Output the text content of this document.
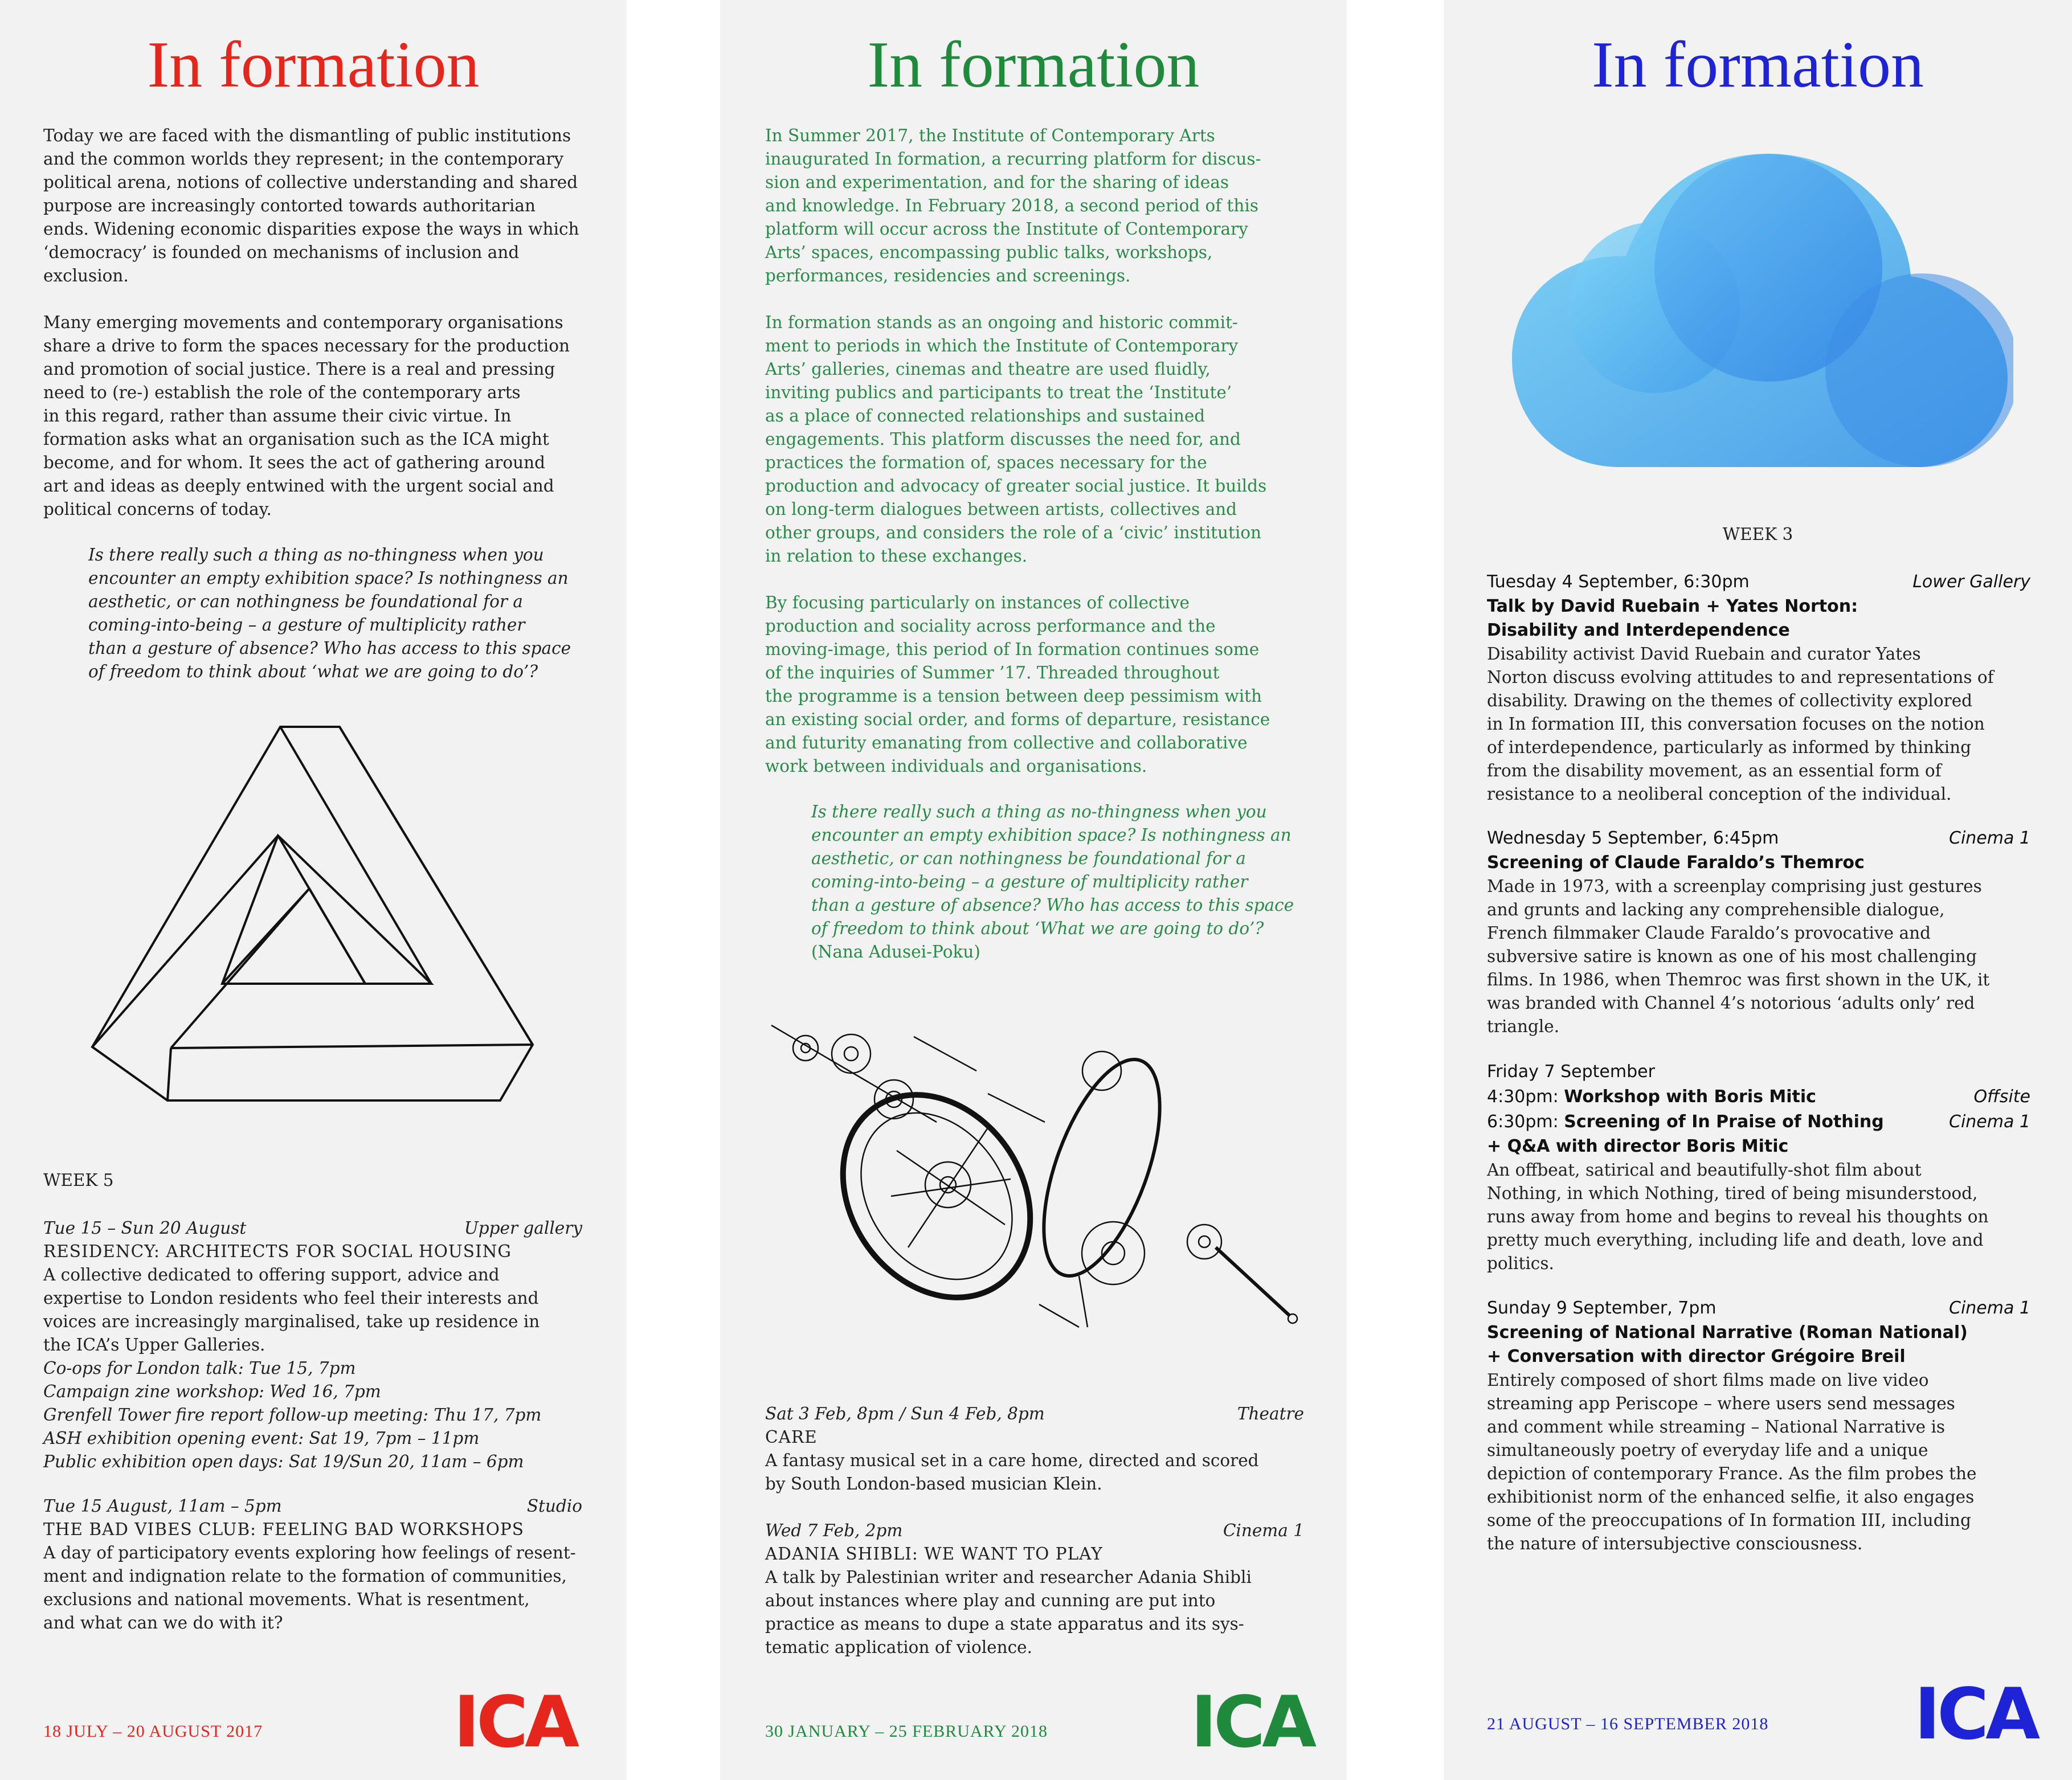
In formation

Today we are faced with the dismantling of public institutions
and the common worlds they represent; in the contemporary
political arena, notions of collective understanding and shared
purpose are increasingly contorted towards authoritarian
ends. Widening economic disparities expose the ways in which
‘democracy’ is founded on mechanisms of inclusion and
exclusion.

Many emerging movements and contemporary organisations
share a drive to form the spaces necessary for the production
and promotion of social justice. There is a real and pressing
need to (re-) establish the role of the contemporary arts
in this regard, rather than assume their civic virtue. In
formation asks what an organisation such as the ICA might
become, and for whom. It sees the act of gathering around
art and ideas as deeply entwined with the urgent social and
political concerns of today.

Is there really such a thing as no-thingness when you
encounter an empty exhibition space? Is nothingness an
aesthetic, or can nothingness be foundational for a
coming-into-being – a gesture of multiplicity rather
than a gesture of absence? Who has access to this space
of freedom to think about ‘what we are going to do’?

WEEK 5
Tue 15 – Sun 20 August	Upper gallery
RESIDENCY: ARCHITECTS FOR SOCIAL HOUSING
A collective dedicated to offering support, advice and
expertise to London residents who feel their interests and
voices are increasingly marginalised, take up residence in
the ICA’s Upper Galleries.
Co-ops for London talk: Tue 15, 7pm
Campaign zine workshop: Wed 16, 7pm
Grenfell Tower fire report follow-up meeting: Thu 17, 7pm
ASH exhibition opening event: Sat 19, 7pm – 11pm
Public exhibition open days: Sat 19/Sun 20, 11am – 6pm
Tue 15 August, 11am – 5pm	Studio
THE BAD VIBES CLUB: FEELING BAD WORKSHOPS
A day of participatory events exploring how feelings of resent-
ment and indignation relate to the formation of communities,
exclusions and national movements. What is resentment,
and what can we do with it?
18 JULY – 20 AUGUST 2017	ICA
In formation

In Summer 2017, the Institute of Contemporary Arts
inaugurated In formation, a recurring platform for discus-
sion and experimentation, and for the sharing of ideas
and knowledge. In February 2018, a second period of this
platform will occur across the Institute of Contemporary
Arts’ spaces, encompassing public talks, workshops,
performances, residencies and screenings.

In formation stands as an ongoing and historic commit-
ment to periods in which the Institute of Contemporary
Arts’ galleries, cinemas and theatre are used fluidly,
inviting publics and participants to treat the ‘Institute’
as a place of connected relationships and sustained
engagements. This platform discusses the need for, and
practices the formation of, spaces necessary for the
production and advocacy of greater social justice. It builds
on long-term dialogues between artists, collectives and
other groups, and considers the role of a ‘civic’ institution
in relation to these exchanges.

By focusing particularly on instances of collective
production and sociality across performance and the
moving-image, this period of In formation continues some
of the inquiries of Summer ’17. Threaded throughout
the programme is a tension between deep pessimism with
an existing social order, and forms of departure, resistance
and futurity emanating from collective and collaborative
work between individuals and organisations.

Is there really such a thing as no-thingness when you
encounter an empty exhibition space? Is nothingness an
aesthetic, or can nothingness be foundational for a
coming-into-being – a gesture of multiplicity rather
than a gesture of absence? Who has access to this space
of freedom to think about ‘What we are going to do’?

(Nana Adusei-Poku)

Sat 3 Feb, 8pm / Sun 4 Feb, 8pm	Theatre
CARE
A fantasy musical set in a care home, directed and scored
by South London-based musician Klein.
Wed 7 Feb, 2pm	Cinema 1
ADANIA SHIBLI: WE WANT TO PLAY
A talk by Palestinian writer and researcher Adania Shibli
about instances where play and cunning are put into
practice as means to dupe a state apparatus and its sys-
tematic application of violence.
30 JANUARY – 25 FEBRUARY 2018 ICA
In formation
WEEK 3
Tuesday 4 September, 6:30pm	Lower Gallery
Talk by David Ruebain + Yates Norton:
Disability and Interdependence
Disability activist David Ruebain and curator Yates
Norton discuss evolving attitudes to and representations of
disability. Drawing on the themes of collectivity explored
in In formation III, this conversation focuses on the notion
of interdependence, particularly as informed by thinking
from the disability movement, as an essential form of
resistance to a neoliberal conception of the individual.
Wednesday 5 September, 6:45pm	Cinema 1
Screening of Claude Faraldo’s Themroc
Made in 1973, with a screenplay comprising just gestures
and grunts and lacking any comprehensible dialogue,
French filmmaker Claude Faraldo’s provocative and
subversive satire is known as one of his most challenging
films. In 1986, when Themroc was first shown in the UK, it
was branded with Channel 4’s notorious ‘adults only’ red
triangle.
Friday 7 September
4:30pm: Workshop with Boris Mitic	Offsite
6:30pm: Screening of In Praise of Nothing	Cinema 1
+ Q&A with director Boris Mitic
An offbeat, satirical and beautifully-shot film about
Nothing, in which Nothing, tired of being misunderstood,
runs away from home and begins to reveal his thoughts on
pretty much everything, including life and death, love and
politics.
Sunday 9 September, 7pm	Cinema 1
Screening of National Narrative (Roman National)
+ Conversation with director Grégoire Breil
Entirely composed of short films made on live video
streaming app Periscope – where users send messages
and comment while streaming – National Narrative is
simultaneously poetry of everyday life and a unique
depiction of contemporary France. As the film probes the
exhibitionist norm of the enhanced selfie, it also engages
some of the preoccupations of In formation III, including
the nature of intersubjective consciousness.
21 AUGUST – 16 SEPTEMBER 2018 ICA
